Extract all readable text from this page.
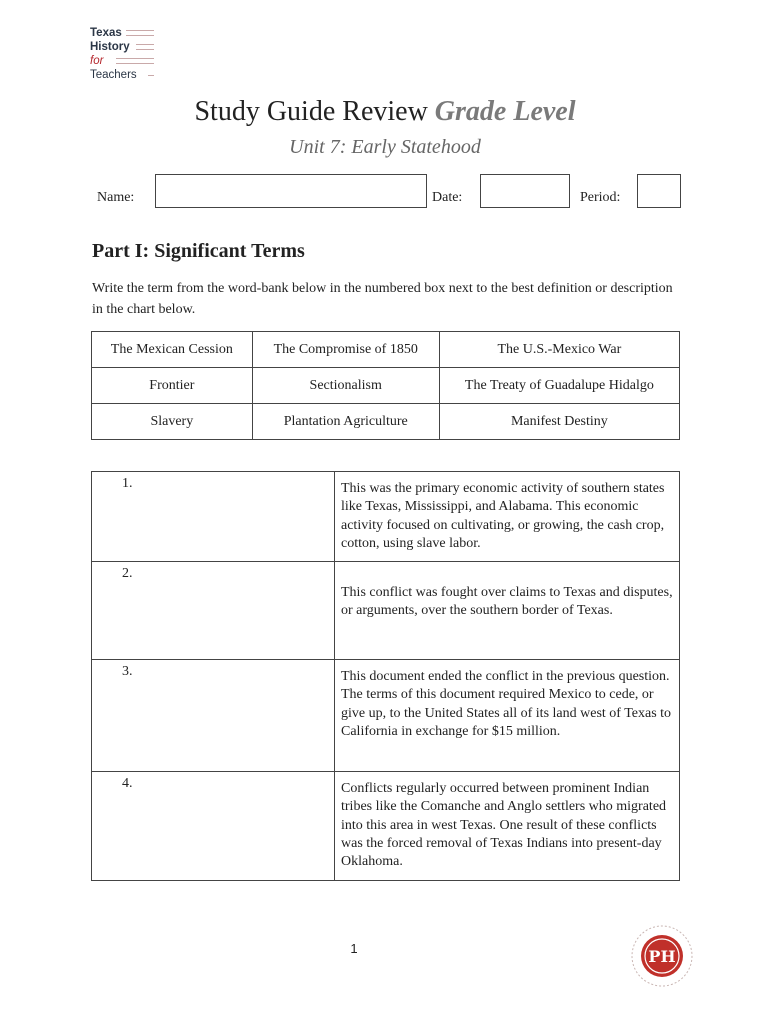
Texas
History
for
Teachers
Study Guide Review Grade Level
Unit 7: Early Statehood
Name:	Date:	Period:
Part I: Significant Terms
Write the term from the word-bank below in the numbered box next to the best definition or description in the chart below.
The Mexican Cession	The Compromise of 1850	The U.S.-Mexico War
Frontier	Sectionalism	The Treaty of Guadalupe Hidalgo
Slavery	Plantation Agriculture	Manifest Destiny
1.	This was the primary economic activity of southern states like Texas, Mississippi, and Alabama. This economic activity focused on cultivating, or growing, the cash crop, cotton, using slave labor.
2.	This conflict was fought over claims to Texas and disputes, or arguments, over the southern border of Texas.
3.	This document ended the conflict in the previous question. The terms of this document required Mexico to cede, or give up, to the United States all of its land west of Texas to California in exchange for $15 million.
4.	Conflicts regularly occurred between prominent Indian tribes like the Comanche and Anglo settlers who migrated into this area in west Texas. One result of these conflicts was the forced removal of Texas Indians into present-day Oklahoma.
1	PH
